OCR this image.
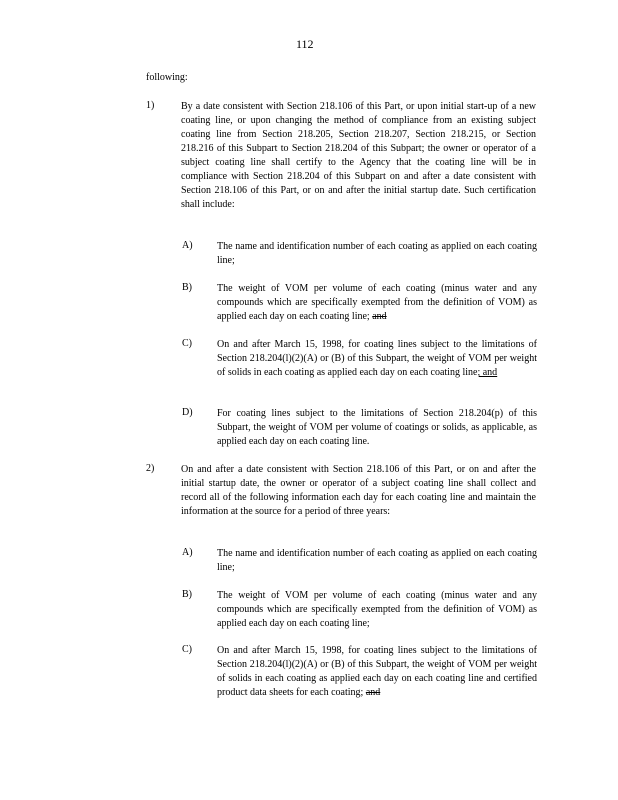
112
following:
1)	By a date consistent with Section 218.106 of this Part, or upon initial start-up of a new coating line, or upon changing the method of compliance from an existing subject coating line from Section 218.205, Section 218.207, Section 218.215, or Section 218.216 of this Subpart to Section 218.204 of this Subpart; the owner or operator of a subject coating line shall certify to the Agency that the coating line will be in compliance with Section 218.204 of this Subpart on and after a date consistent with Section 218.106 of this Part, or on and after the initial startup date. Such certification shall include:
A) The name and identification number of each coating as applied on each coating line;
B)	The weight of VOM per volume of each coating (minus water and any compounds which are specifically exempted from the definition of VOM) as applied each day on each coating line; and
C)	On and after March 15, 1998, for coating lines subject to the limitations of Section 218.204(l)(2)(A) or (B) of this Subpart, the weight of VOM per weight of solids in each coating as applied each day on each coating line; and
D) For coating lines subject to the limitations of Section 218.204(p) of this Subpart, the weight of VOM per volume of coatings or solids, as applicable, as applied each day on each coating line.
2)	On and after a date consistent with Section 218.106 of this Part, or on and after the initial startup date, the owner or operator of a subject coating line shall collect and record all of the following information each day for each coating line and maintain the information at the source for a period of three years:
A) The name and identification number of each coating as applied on each coating line;
B)	The weight of VOM per volume of each coating (minus water and any compounds which are specifically exempted from the definition of VOM) as applied each day on each coating line;
C)	On and after March 15, 1998, for coating lines subject to the limitations of Section 218.204(l)(2)(A) or (B) of this Subpart, the weight of VOM per weight of solids in each coating as applied each day on each coating line and certified product data sheets for each coating; and
